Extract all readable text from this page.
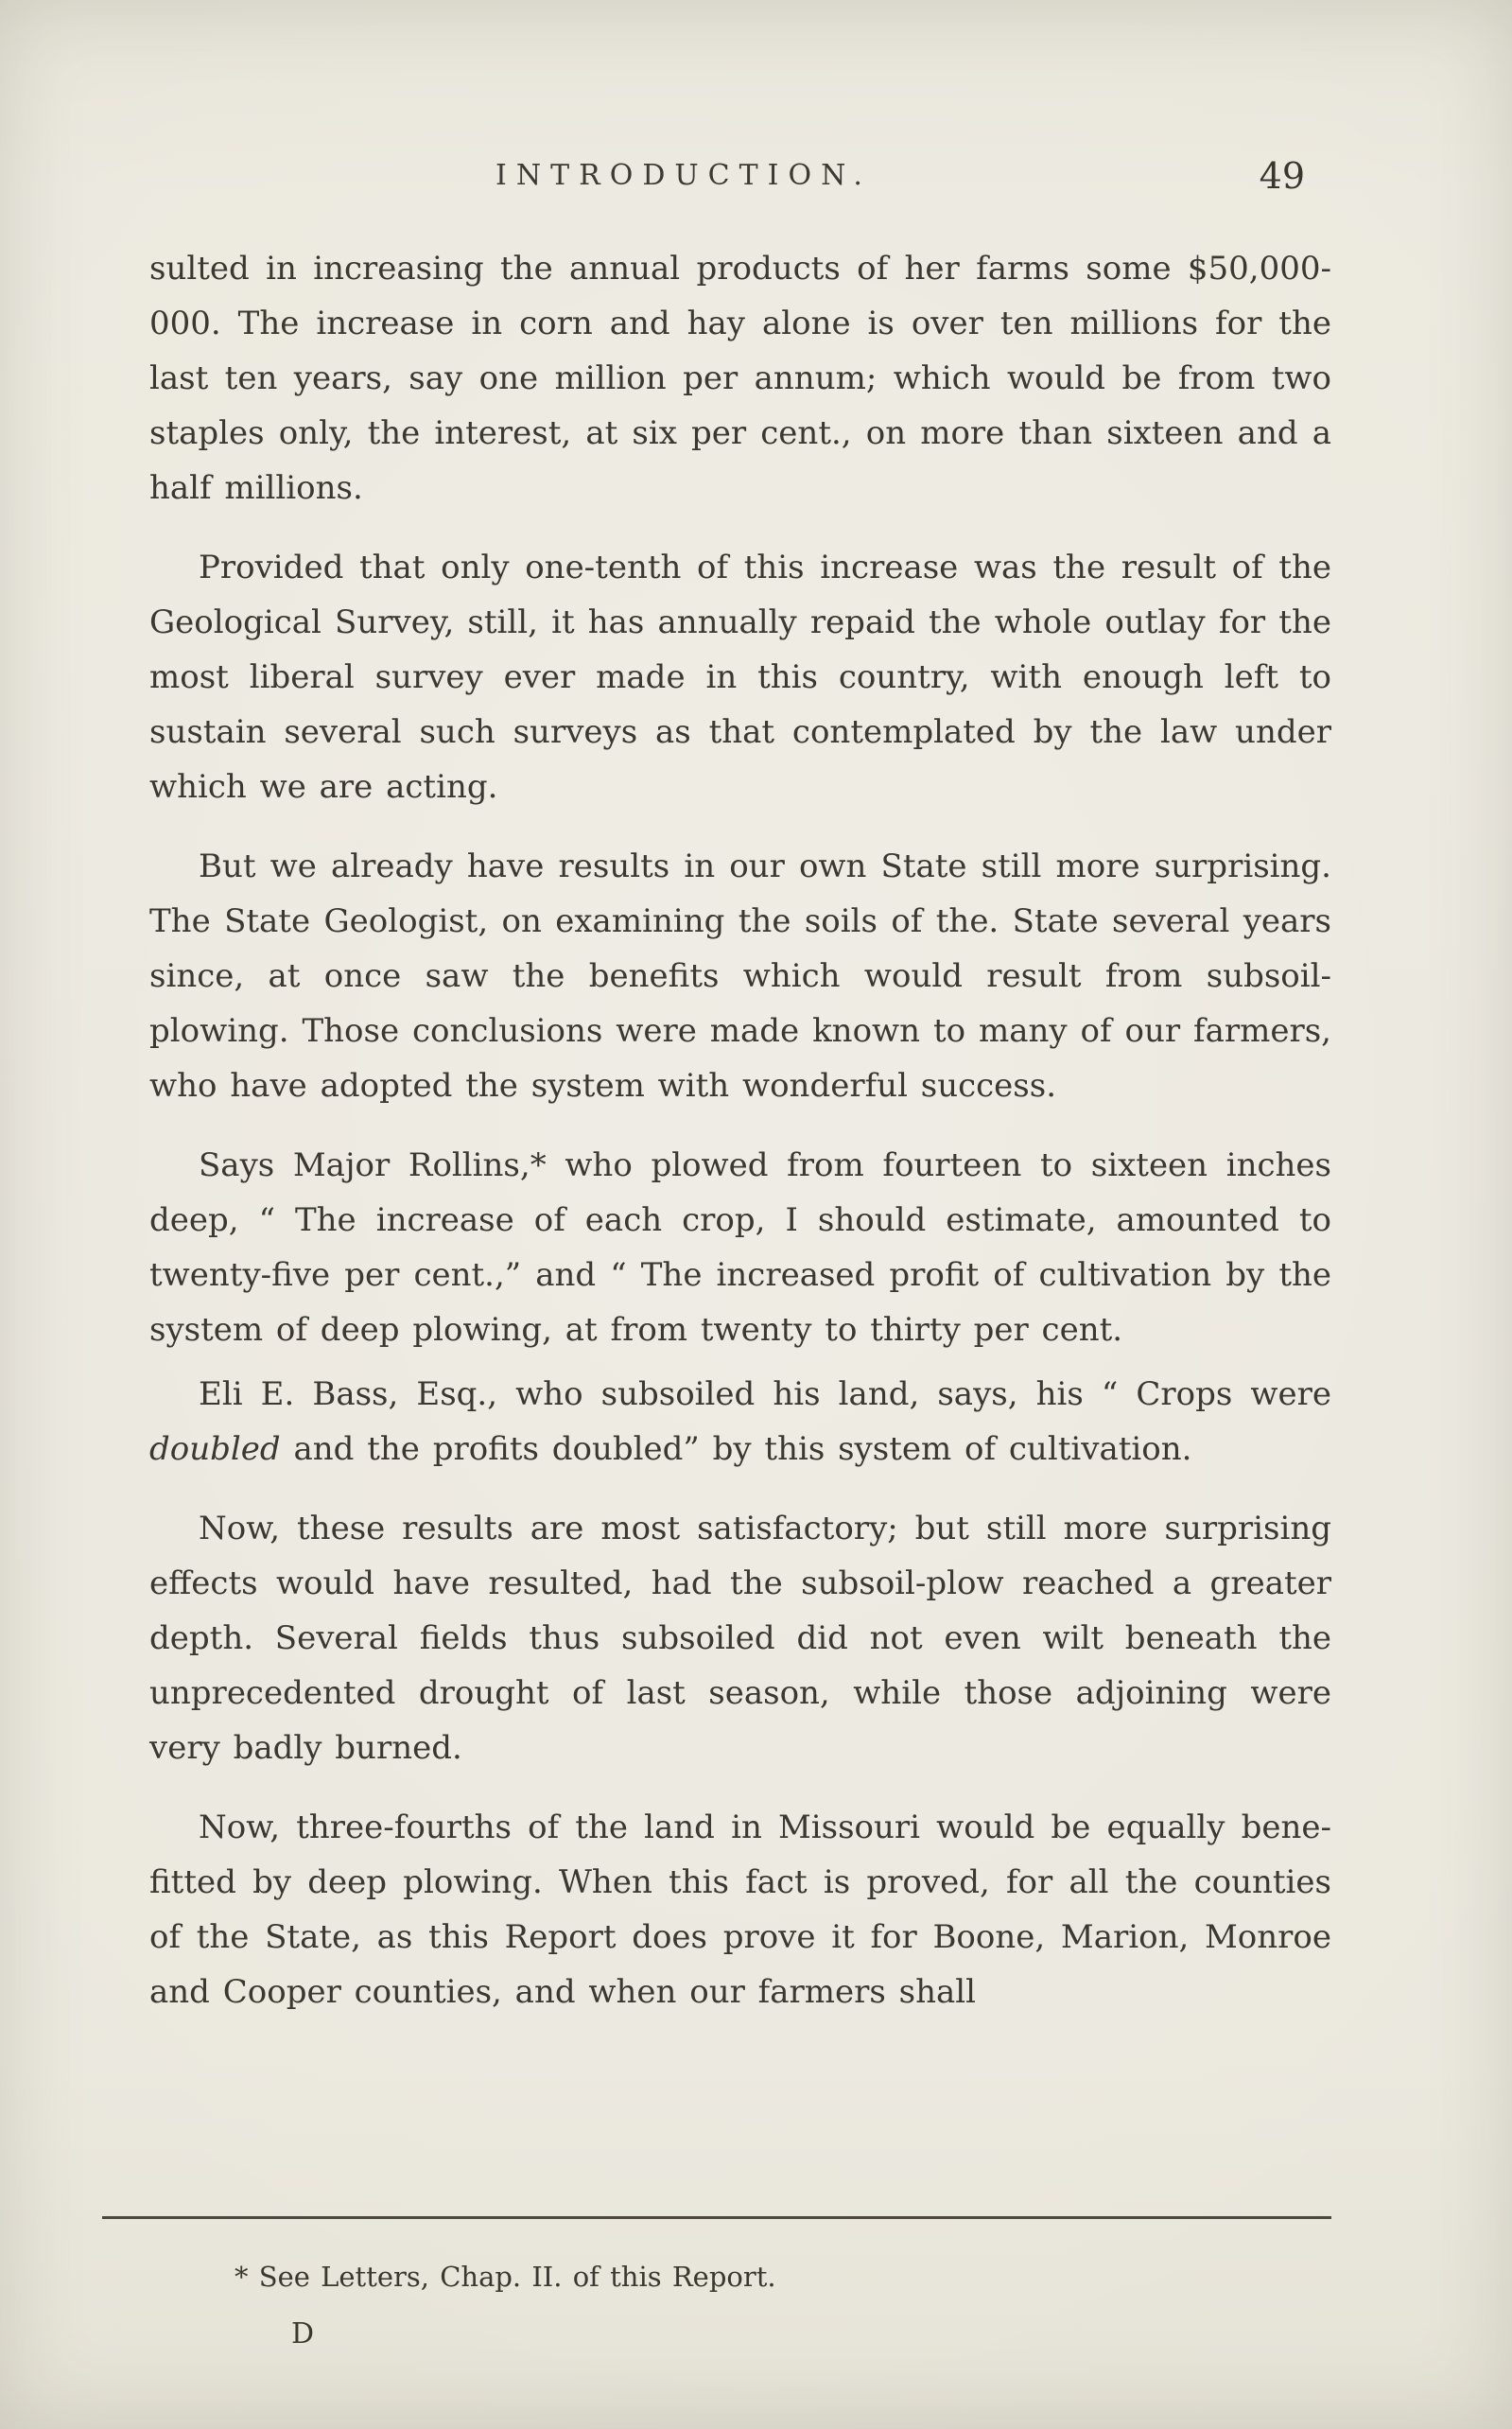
INTRODUCTION.	49

sulted in increasing the annual products of her farms some $50,000-000. The increase in corn and hay alone is over ten millions for the last ten years, say one million per annum; which would be from two staples only, the interest, at six per cent., on more than sixteen and a half millions.

Provided that only one-tenth of this increase was the result of the Geological Survey, still, it has annually repaid the whole outlay for the most liberal survey ever made in this country, with enough left to sustain several such surveys as that contemplated by the law under which we are acting.

But we already have results in our own State still more surprising. The State Geologist, on examining the soils of the. State several years since, at once saw the benefits which would result from subsoil-plowing. Those conclusions were made known to many of our farmers, who have adopted the system with wonderful success.

Says Major Rollins,* who plowed from fourteen to sixteen inches deep, “ The increase of each crop, I should estimate, amounted to twenty-five per cent.,” and “ The increased profit of cultivation by the system of deep plowing, at from twenty to thirty per cent.

Eli E. Bass, Esq., who subsoiled his land, says, his “ Crops were doubled and the profits doubled” by this system of cultivation.

Now, these results are most satisfactory; but still more surprising effects would have resulted, had the subsoil-plow reached a greater depth. Several fields thus subsoiled did not even wilt beneath the unprecedented drought of last season, while those adjoining were very badly burned.

Now, three-fourths of the land in Missouri would be equally benefitted by deep plowing. When this fact is proved, for all the counties of the State, as this Report does prove it for Boone, Marion, Monroe and Cooper counties, and when our farmers shall

* See Letters, Chap. II. of this Report.
D
